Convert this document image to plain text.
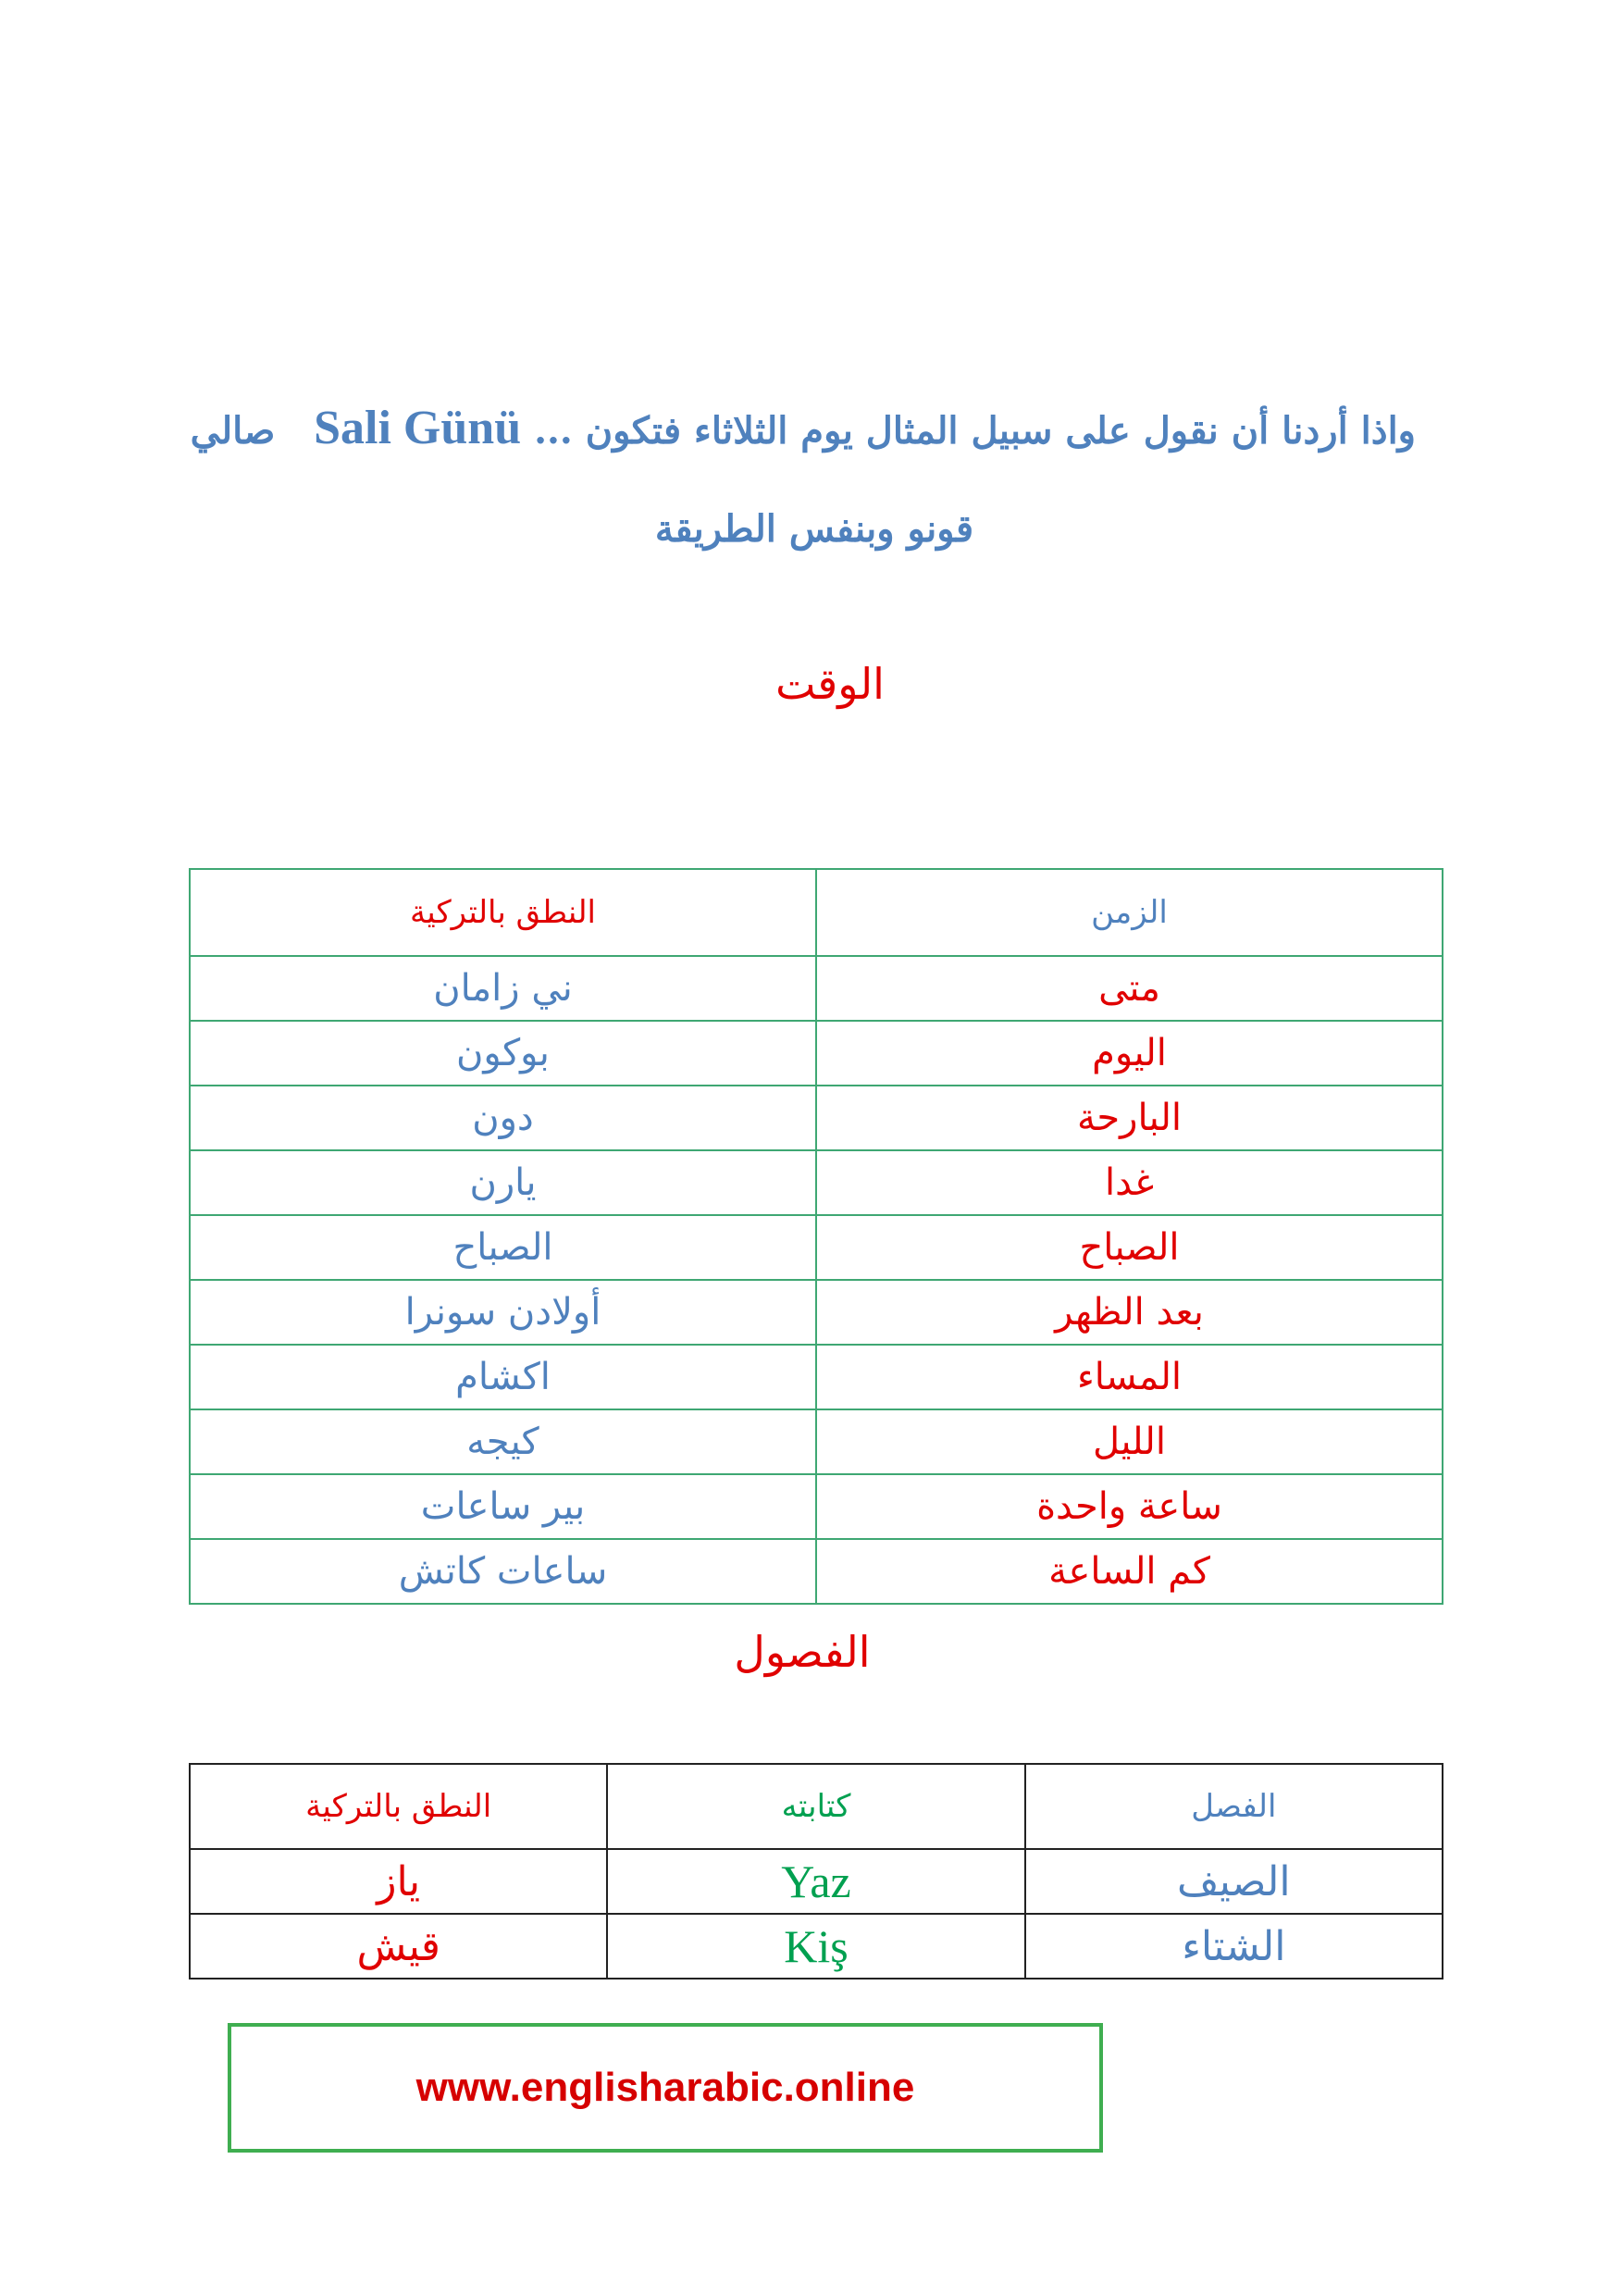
واذا أردنا أن نقول على سبيل المثال يوم الثلاثاء فتكون ... Sali Günü   صالي
قونو وبنفس الطريقة
الوقت
الزمن	النطق بالتركية
متى	ني زامان
اليوم	بوكون
البارحة	دون
غدا	يارن
الصباح	الصباح
بعد الظهر	أولادن سونرا
المساء	اكشام
الليل	كيجه
ساعة واحدة	بير ساعات
كم الساعة	ساعات كاتش
الفصول
الفصل	كتابته	النطق بالتركية
الصيف	Yaz	ياز
الشتاء	Kiş	قيش
www.englisharabic.online
